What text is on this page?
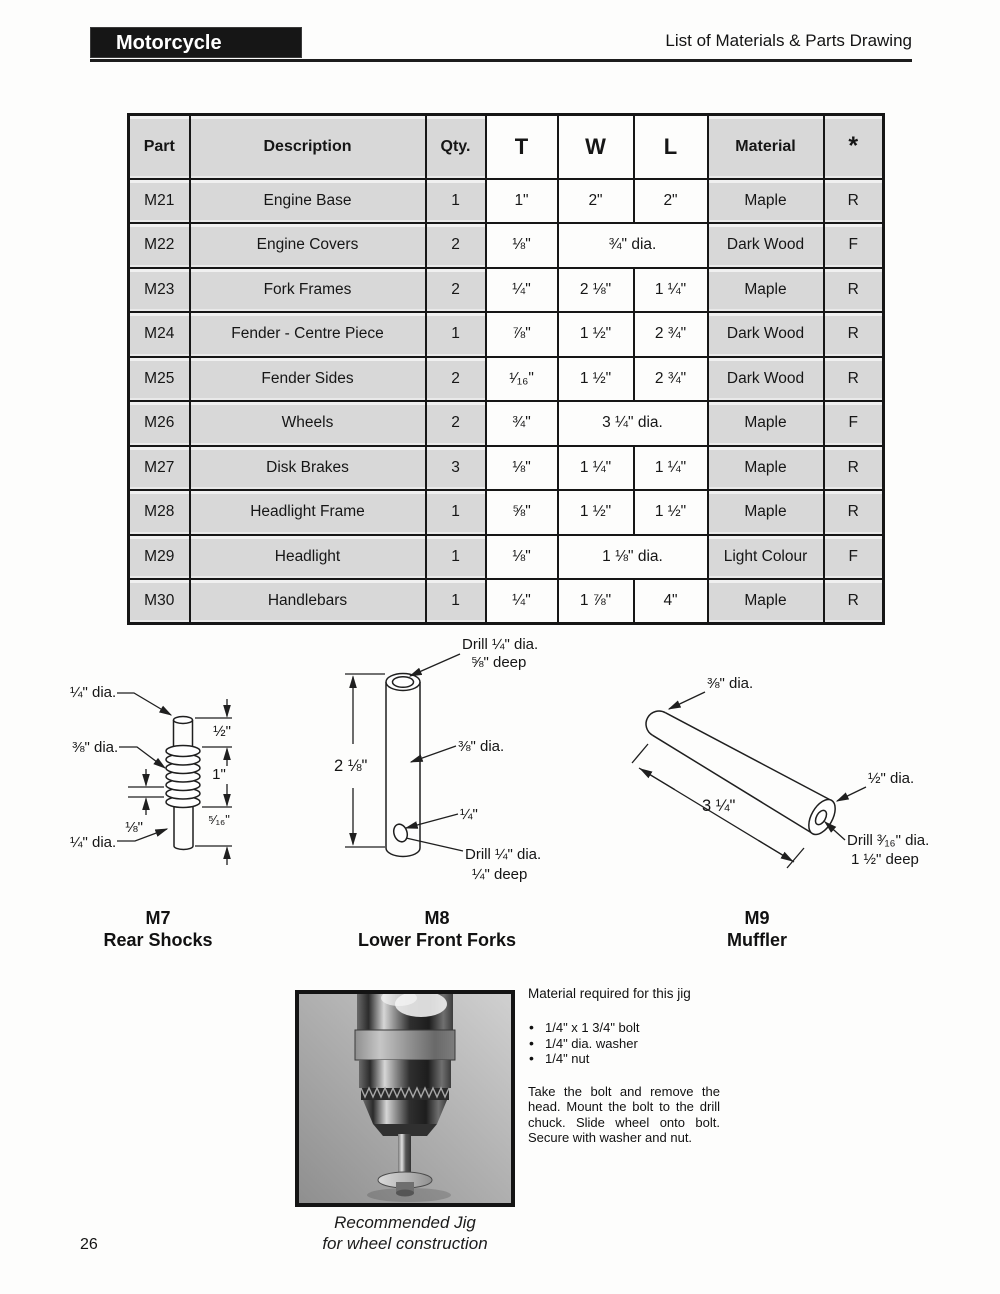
Motorcycle	List of Materials & Parts Drawing
Part	Description	Qty.	T	W	L	Material	*
M21	Engine Base	1	1"	2"	2"	Maple	R
M22	Engine Covers	2	⅛"	¾" dia.		Dark Wood	F
M23	Fork Frames	2	¼"	2 ⅛"	1 ¼"	Maple	R
M24	Fender - Centre Piece	1	⅞"	1 ½"	2 ¾"	Dark Wood	R
M25	Fender Sides	2	¹⁄₁₆"	1 ½"	2 ¾"	Dark Wood	R
M26	Wheels	2	¾"	3 ¼" dia.		Maple	F
M27	Disk Brakes	3	⅛"	1 ¼"	1 ¼"	Maple	R
M28	Headlight Frame	1	⅝"	1 ½"	1 ½"	Maple	R
M29	Headlight	1	⅛"	1 ⅛" dia.		Light Colour	F
M30	Handlebars	1	¼"	1 ⅞"	4"	Maple	R
¼" dia.
⅜" dia.
¼" dia.
½"
1"
⁵⁄₁₆"
⅛"
M7
Rear Shocks
Drill ¼" dia.
⅝" deep
2 ⅛"
⅜" dia.
¼"
Drill ¼" dia.
¼" deep
M8
Lower Front Forks
⅜" dia.
½" dia.
3 ¼"
Drill ³⁄₁₆" dia.
1 ½" deep
M9
Muffler

Material required for this jig

• 1/4" x 1 3/4" bolt
• 1/4" dia. washer
• 1/4" nut
Take the bolt and remove the
head. Mount the bolt to the drill
chuck. Slide wheel onto bolt.
Secure with washer and nut.
Recommended Jig
for wheel construction
26
